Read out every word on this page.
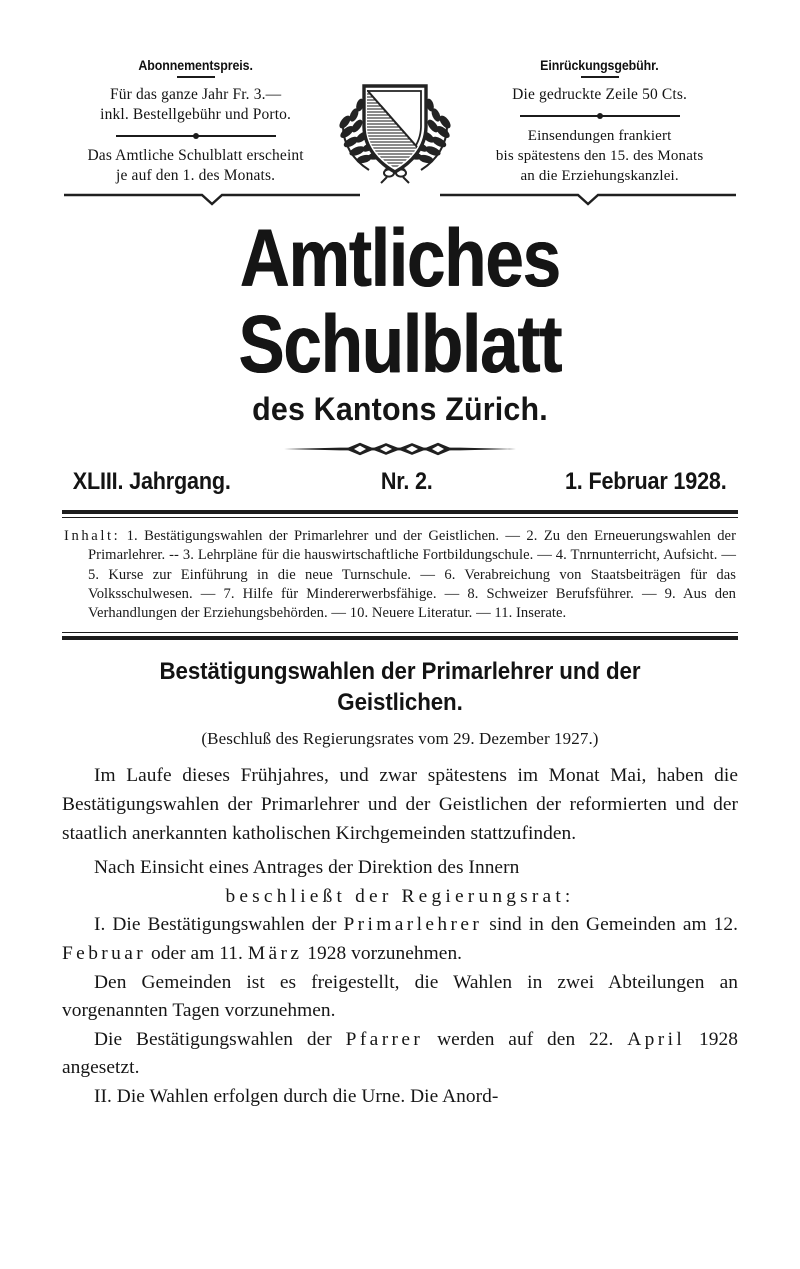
Abonnementspreis.
Für das ganze Jahr Fr. 3.—
inkl. Bestellgebühr und Porto.
Das Amtliche Schulblatt erscheint
je auf den 1. des Monats.
Einrückungsgebühr.
Die gedruckte Zeile 50 Cts.
Einsendungen frankiert
bis spätestens den 15. des Monats
an die Erziehungskanzlei.
Amtliches Schulblatt
des Kantons Zürich.
XLIII. Jahrgang.	Nr. 2.	1. Februar 1928.
Inhalt: 1. Bestätigungswahlen der Primarlehrer und der Geistlichen. — 2. Zu den Erneuerungswahlen der Primarlehrer. -- 3. Lehrpläne für die hauswirtschaftliche Fortbildungschule. — 4. Tnrnunterricht, Aufsicht. — 5. Kurse zur Einführung in die neue Turnschule. — 6. Verabreichung von Staatsbeiträgen für das Volksschulwesen. — 7. Hilfe für Mindererwerbsfähige. — 8. Schweizer Berufsführer. — 9. Aus den Verhandlungen der Erziehungsbehörden. — 10. Neuere Literatur. — 11. Inserate.
Bestätigungswahlen der Primarlehrer und der
Geistlichen.
(Beschluß des Regierungsrates vom 29. Dezember 1927.)

Im Laufe dieses Frühjahres, und zwar spätestens im Monat Mai, haben die Bestätigungswahlen der Primarlehrer und der Geistlichen der reformierten und der staatlich anerkannten katholischen Kirchgemeinden stattzufinden.

Nach Einsicht eines Antrages der Direktion des Innern

beschließt der Regierungsrat:

I. Die Bestätigungswahlen der Primarlehrer sind in den Gemeinden am 12. Februar oder am 11. März 1928 vorzunehmen.

Den Gemeinden ist es freigestellt, die Wahlen in zwei Abteilungen an vorgenannten Tagen vorzunehmen.

Die Bestätigungswahlen der Pfarrer werden auf den 22. April 1928 angesetzt.

II. Die Wahlen erfolgen durch die Urne. Die Anord-
